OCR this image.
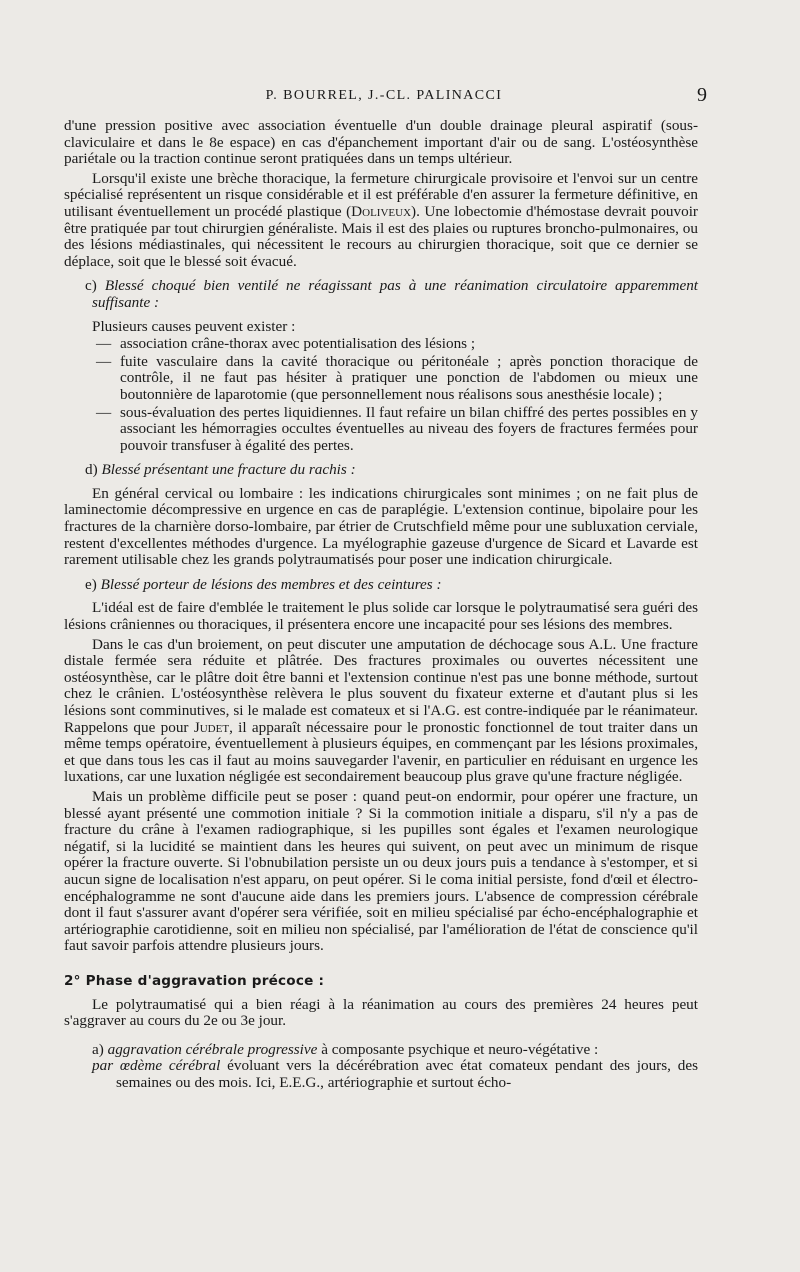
P. BOURREL, J.-CL. PALINACCI	9

d'une pression positive avec association éventuelle d'un double drainage pleural aspiratif (sous-claviculaire et dans le 8e espace) en cas d'épanchement important d'air ou de sang. L'ostéosynthèse pariétale ou la traction continue seront pratiquées dans un temps ultérieur.

Lorsqu'il existe une brèche thoracique, la fermeture chirurgicale provisoire et l'envoi sur un centre spécialisé représentent un risque considérable et il est préférable d'en assurer la fermeture définitive, en utilisant éventuellement un procédé plastique (Doliveux). Une lobectomie d'hémostase devrait pouvoir être pratiquée par tout chirurgien généraliste. Mais il est des plaies ou ruptures broncho-pulmonaires, ou des lésions médiastinales, qui nécessitent le recours au chirurgien thoracique, soit que ce dernier se déplace, soit que le blessé soit évacué.

c) Blessé choqué bien ventilé ne réagissant pas à une réanimation circulatoire apparemment suffisante :

Plusieurs causes peuvent exister :

— association crâne-thorax avec potentialisation des lésions ;
— fuite vasculaire dans la cavité thoracique ou péritonéale ; après ponction thoracique de contrôle, il ne faut pas hésiter à pratiquer une ponction de l'abdomen ou mieux une boutonnière de laparotomie (que personnellement nous réalisons sous anesthésie locale) ;
— sous-évaluation des pertes liquidiennes. Il faut refaire un bilan chiffré des pertes possibles en y associant les hémorragies occultes éventuelles au niveau des foyers de fractures fermées pour pouvoir transfuser à égalité des pertes.

d) Blessé présentant une fracture du rachis :

En général cervical ou lombaire : les indications chirurgicales sont minimes ; on ne fait plus de laminectomie décompressive en urgence en cas de paraplégie. L'extension continue, bipolaire pour les fractures de la charnière dorso-lombaire, par étrier de Crutschfield même pour une subluxation cerviale, restent d'excellentes méthodes d'urgence. La myélographie gazeuse d'urgence de Sicard et Lavarde est rarement utilisable chez les grands polytraumatisés pour poser une indication chirurgicale.

e) Blessé porteur de lésions des membres et des ceintures :

L'idéal est de faire d'emblée le traitement le plus solide car lorsque le polytraumatisé sera guéri des lésions crâniennes ou thoraciques, il présentera encore une incapacité pour ses lésions des membres.

Dans le cas d'un broiement, on peut discuter une amputation de déchocage sous A.L. Une fracture distale fermée sera réduite et plâtrée. Des fractures proximales ou ouvertes nécessitent une ostéosynthèse, car le plâtre doit être banni et l'extension continue n'est pas une bonne méthode, surtout chez le crânien. L'ostéosynthèse relèvera le plus souvent du fixateur externe et d'autant plus si les lésions sont comminutives, si le malade est comateux et si l'A.G. est contre-indiquée par le réanimateur. Rappelons que pour Judet, il apparaît nécessaire pour le pronostic fonctionnel de tout traiter dans un même temps opératoire, éventuellement à plusieurs équipes, en commençant par les lésions proximales, et que dans tous les cas il faut au moins sauvegarder l'avenir, en particulier en réduisant en urgence les luxations, car une luxation négligée est secondairement beaucoup plus grave qu'une fracture négligée.

Mais un problème difficile peut se poser : quand peut-on endormir, pour opérer une fracture, un blessé ayant présenté une commotion initiale ? Si la commotion initiale a disparu, s'il n'y a pas de fracture du crâne à l'examen radiographique, si les pupilles sont égales et l'examen neurologique négatif, si la lucidité se maintient dans les heures qui suivent, on peut avec un minimum de risque opérer la fracture ouverte. Si l'obnubilation persiste un ou deux jours puis a tendance à s'estomper, et si aucun signe de localisation n'est apparu, on peut opérer. Si le coma initial persiste, fond d'œil et électro-encéphalogramme ne sont d'aucune aide dans les premiers jours. L'absence de compression cérébrale dont il faut s'assurer avant d'opérer sera vérifiée, soit en milieu spécialisé par écho-encéphalographie et artériographie carotidienne, soit en milieu non spécialisé, par l'amélioration de l'état de conscience qu'il faut savoir parfois attendre plusieurs jours.

2° Phase d'aggravation précoce :

Le polytraumatisé qui a bien réagi à la réanimation au cours des premières 24 heures peut s'aggraver au cours du 2e ou 3e jour.

a) aggravation cérébrale progressive à composante psychique et neuro-végétative :

par œdème cérébral évoluant vers la décérébration avec état comateux pendant des jours, des semaines ou des mois. Ici, E.E.G., artériographie et surtout écho-
